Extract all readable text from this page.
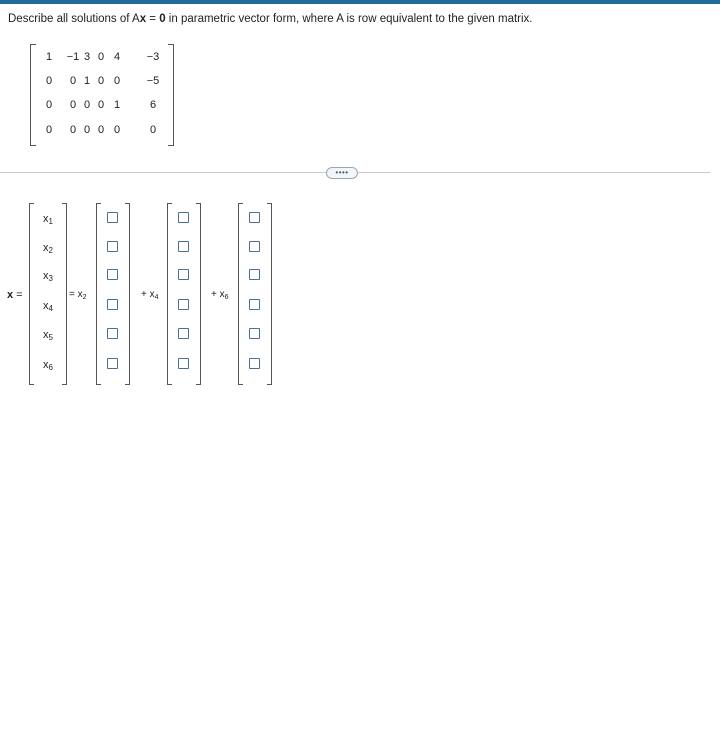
Describe all solutions of Ax = 0 in parametric vector form, where A is row equivalent to the given matrix.
1	−1 3 0 4	−3
0	0 1 0 0	−5
0	0 0 0 1	6
0	0 0 0 0	0
••••
x =
$x_1$
$x_2$
$x_3$
$x_4$
$x_5$
$x_6$
= $x_2$	+ $x_4$	+ $x_6$
